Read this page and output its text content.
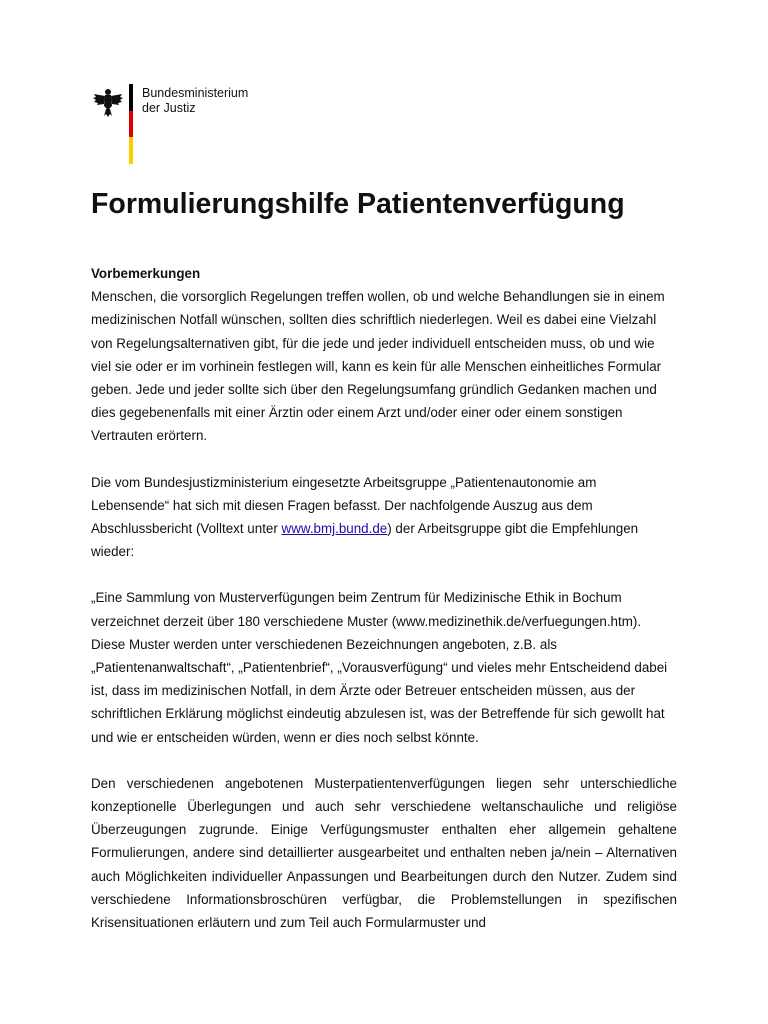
Bundesministerium
der Justiz
Formulierungshilfe Patientenverfügung

Vorbemerkungen
Menschen, die vorsorglich Regelungen treffen wollen, ob und welche Behandlungen sie in einem medizinischen Notfall wünschen, sollten dies schriftlich niederlegen. Weil es dabei eine Vielzahl von Regelungsalternativen gibt, für die jede und jeder individuell entscheiden muss, ob und wie viel sie oder er im vorhinein festlegen will, kann es kein für alle Menschen einheitliches Formular geben. Jede und jeder sollte sich über den Regelungsumfang gründlich Gedanken machen und dies gegebenenfalls mit einer Ärztin oder einem Arzt und/oder einer oder einem sonstigen Vertrauten erörtern.

Die vom Bundesjustizministerium eingesetzte Arbeitsgruppe „Patientenautonomie am Lebensende“ hat sich mit diesen Fragen befasst. Der nachfolgende Auszug aus dem Abschlussbericht (Volltext unter www.bmj.bund.de) der Arbeitsgruppe gibt die Empfehlungen wieder:

„Eine Sammlung von Musterverfügungen beim Zentrum für Medizinische Ethik in Bochum verzeichnet derzeit über 180 verschiedene Muster (www.medizinethik.de/verfuegungen.htm). Diese Muster werden unter verschiedenen Bezeichnungen angeboten, z.B. als „Patientenanwaltschaft“, „Patientenbrief“, „Vorausverfügung“ und vieles mehr Entscheidend dabei ist, dass im medizinischen Notfall, in dem Ärzte oder Betreuer entscheiden müssen, aus der schriftlichen Erklärung möglichst eindeutig abzulesen ist, was der Betreffende für sich gewollt hat und wie er entscheiden würden, wenn er dies noch selbst könnte.

Den verschiedenen angebotenen Musterpatientenverfügungen liegen sehr unterschiedliche konzeptionelle Überlegungen und auch sehr verschiedene weltanschauliche und religiöse Überzeugungen zugrunde. Einige Verfügungsmuster enthalten eher allgemein gehaltene Formulierungen, andere sind detaillierter ausgearbeitet und enthalten neben ja/nein – Alternativen auch Möglichkeiten individueller Anpassungen und Bearbeitungen durch den Nutzer. Zudem sind verschiedene Informationsbroschüren verfügbar, die Problemstellungen in spezifischen Krisensituationen erläutern und zum Teil auch Formularmuster und
